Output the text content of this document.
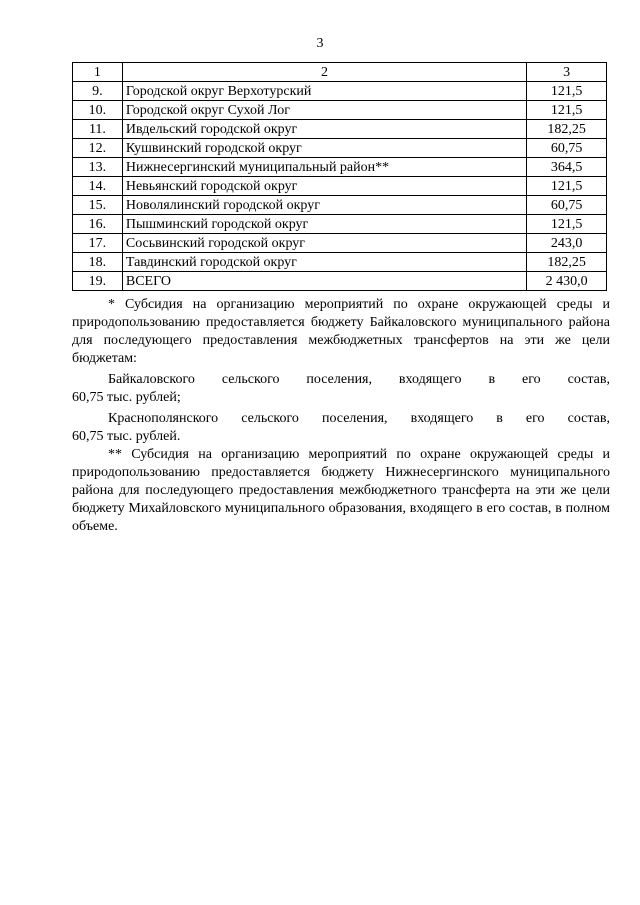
3
1	2	3
9.	Городской округ Верхотурский	121,5
10.	Городской округ Сухой Лог	121,5
11.	Ивдельский городской округ	182,25
12.	Кушвинский городской округ	60,75
13.	Нижнесергинский муниципальный район**	364,5
14.	Невьянский городской округ	121,5
15.	Новолялинский городской округ	60,75
16.	Пышминский городской округ	121,5
17.	Сосьвинский городской округ	243,0
18.	Тавдинский городской округ	182,25
19.	ВСЕГО	2 430,0

* Субсидия на организацию мероприятий по охране окружающей среды и природопользованию предоставляется бюджету Байкаловского муниципального района для последующего предоставления межбюджетных трансфертов на эти же цели бюджетам:

Байкаловского сельского поселения, входящего в его состав,

60,75 тыс. рублей;

Краснополянского сельского поселения, входящего в его состав,

60,75 тыс. рублей.

** Субсидия на организацию мероприятий по охране окружающей среды и природопользованию предоставляется бюджету Нижнесергинского муниципального района для последующего предоставления межбюджетного трансферта на эти же цели бюджету Михайловского муниципального образования, входящего в его состав, в полном объеме.
